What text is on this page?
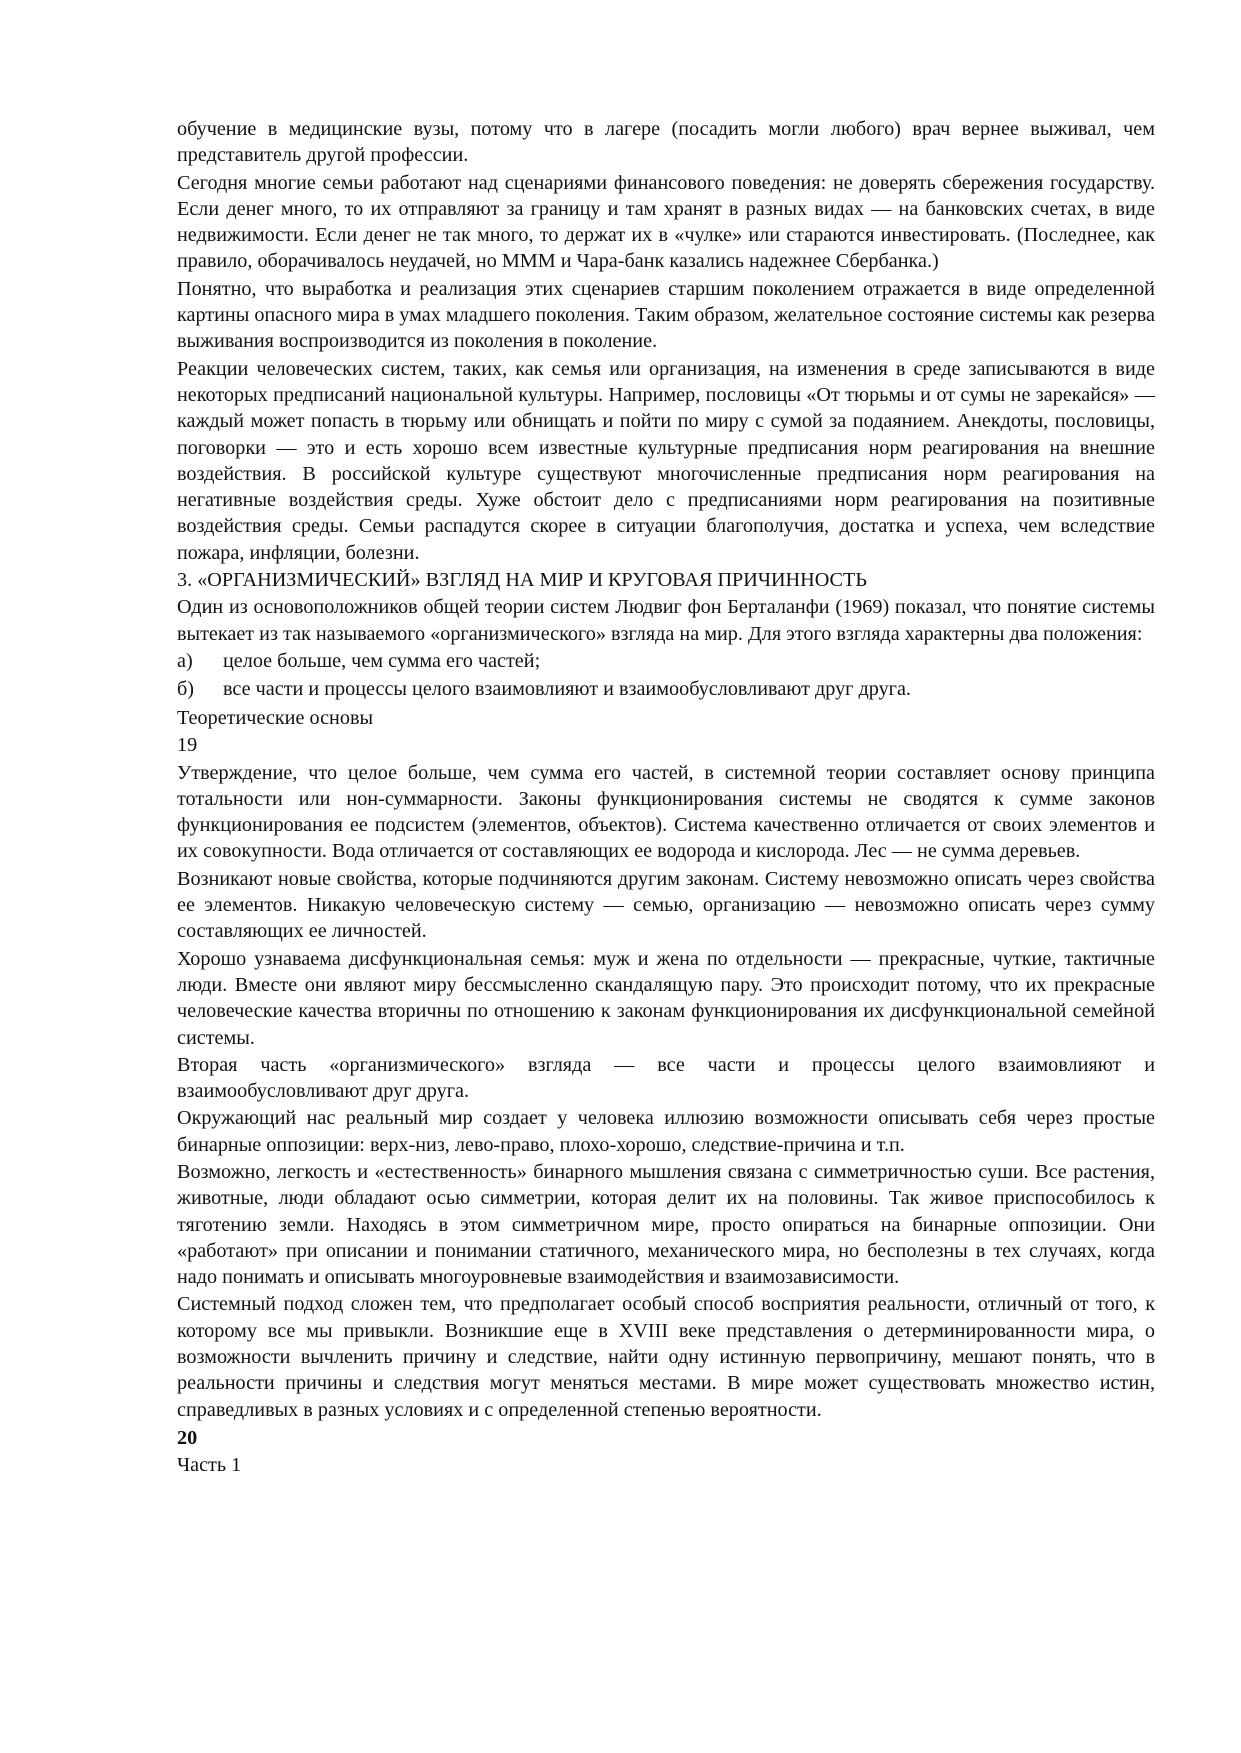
обучение в медицинские вузы, потому что в лагере (посадить могли любого) врач вернее выживал, чем представитель другой профессии.

Сегодня многие семьи работают над сценариями финансового поведения: не доверять сбережения государству. Если денег много, то их отправляют за границу и там хранят в разных видах — на банковских счетах, в виде недвижимости. Если денег не так много, то держат их в «чулке» или стараются инвестировать. (Последнее, как правило, оборачивалось неудачей, но МММ и Чара-банк казались надежнее Сбербанка.)

Понятно, что выработка и реализация этих сценариев старшим поколением отражается в виде определенной картины опасного мира в умах младшего поколения. Таким образом, желательное состояние системы как резерва выживания воспроизводится из поколения в поколение.

Реакции человеческих систем, таких, как семья или организация, на изменения в среде записываются в виде некоторых предписаний национальной культуры. Например, пословицы «От тюрьмы и от сумы не зарекайся» — каждый может попасть в тюрьму или обнищать и пойти по миру с сумой за подаянием. Анекдоты, пословицы, поговорки — это и есть хорошо всем известные культурные предписания норм реагирования на внешние воздействия. В российской культуре существуют многочисленные предписания норм реагирования на негативные воздействия среды. Хуже обстоит дело с предписаниями норм реагирования на позитивные воздействия среды. Семьи распадутся скорее в ситуации благополучия, достатка и успеха, чем вследствие пожара, инфляции, болезни.

3. «ОРГАНИЗМИЧЕСКИЙ» ВЗГЛЯД НА МИР И КРУГОВАЯ ПРИЧИННОСТЬ

Один из основоположников общей теории систем Людвиг фон Берталанфи (1969) показал, что понятие системы вытекает из так называемого «организмического» взгляда на мир. Для этого взгляда характерны два положения:

а)	целое больше, чем сумма его частей;
б)	все части и процессы целого взаимовлияют и взаимообусловливают друг друга.
Теоретические основы
19

Утверждение, что целое больше, чем сумма его частей, в системной теории составляет основу принципа тотальности или нон-суммарности. Законы функционирования системы не сводятся к сумме законов функционирования ее подсистем (элементов, объектов). Система качественно отличается от своих элементов и их совокупности. Вода отличается от составляющих ее водорода и кислорода. Лес — не сумма деревьев.

Возникают новые свойства, которые подчиняются другим законам. Систему невозможно описать через свойства ее элементов. Никакую человеческую систему — семью, организацию — невозможно описать через сумму составляющих ее личностей.

Хорошо узнаваема дисфункциональная семья: муж и жена по отдельности — прекрасные, чуткие, тактичные люди. Вместе они являют миру бессмысленно скандалящую пару. Это происходит потому, что их прекрасные человеческие качества вторичны по отношению к законам функционирования их дисфункциональной семейной системы.

Вторая часть «организмического» взгляда — все части и процессы целого взаимовлияют и взаимообусловливают друг друга.

Окружающий нас реальный мир создает у человека иллюзию возможности описывать себя через простые бинарные оппозиции: верх-низ, лево-право, плохо-хорошо, следствие-причина и т.п.

Возможно, легкость и «естественность» бинарного мышления связана с симметричностью суши. Все растения, животные, люди обладают осью симметрии, которая делит их на половины. Так живое приспособилось к тяготению земли. Находясь в этом симметричном мире, просто опираться на бинарные оппозиции. Они «работают» при описании и понимании статичного, механического мира, но бесполезны в тех случаях, когда надо понимать и описывать многоуровневые взаимодействия и взаимозависимости.

Системный подход сложен тем, что предполагает особый способ восприятия реальности, отличный от того, к которому все мы привыкли. Возникшие еще в XVIII веке представления о детерминированности мира, о возможности вычленить причину и следствие, найти одну истинную первопричину, мешают понять, что в реальности причины и следствия могут меняться местами. В мире может существовать множество истин, справедливых в разных условиях и с определенной степенью вероятности.

20
Часть 1
